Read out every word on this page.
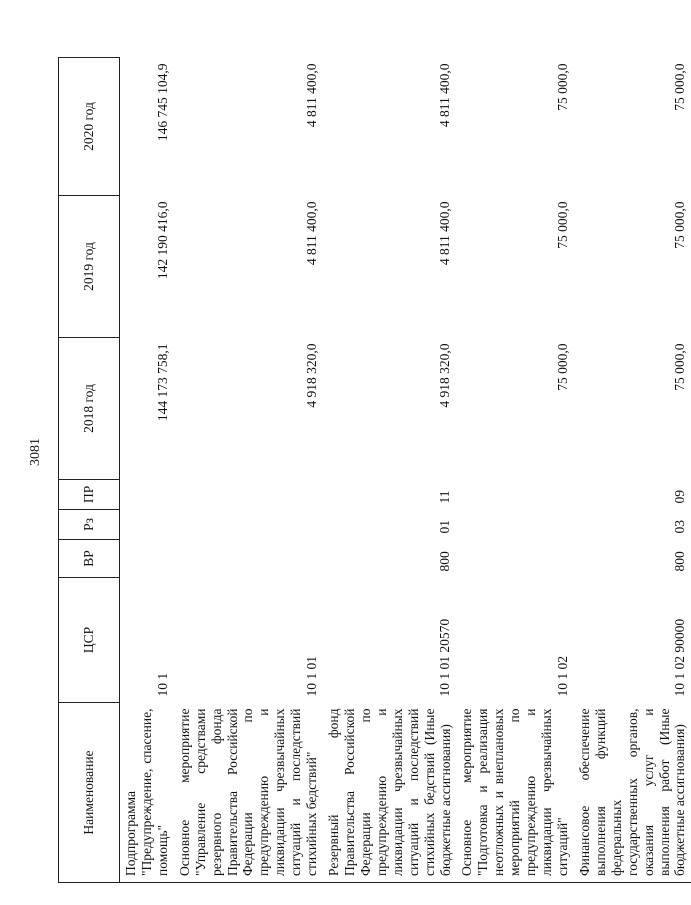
3081
Наименование	ЦСР	ВР	Рз	ПР	2018 год	2019 год	2020 год
Подпрограмма "Предупреждение, спасение, помощь"	10 1				144 173 758,1	142 190 416,0	146 745 104,9
Основное мероприятие "Управление средствами резервного фонда Правительства Российской Федерации по предупреждению и ликвидации чрезвычайных ситуаций и последствий стихийных бедствий"	10 1 01				4 918 320,0	4 811 400,0	4 811 400,0
Резервный фонд Правительства Российской Федерации по предупреждению и ликвидации чрезвычайных ситуаций и последствий стихийных бедствий (Иные бюджетные ассигнования)	10 1 01 20570	800	01	11	4 918 320,0	4 811 400,0	4 811 400,0
Основное мероприятие "Подготовка и реализация неотложных и внеплановых мероприятий по предупреждению и ликвидации чрезвычайных ситуаций"	10 1 02				75 000,0	75 000,0	75 000,0
Финансовое обеспечение выполнения функций федеральных государственных органов, оказания услуг и выполнения работ (Иные бюджетные ассигнования)	10 1 02 90000	800	03	09	75 000,0	75 000,0	75 000,0
